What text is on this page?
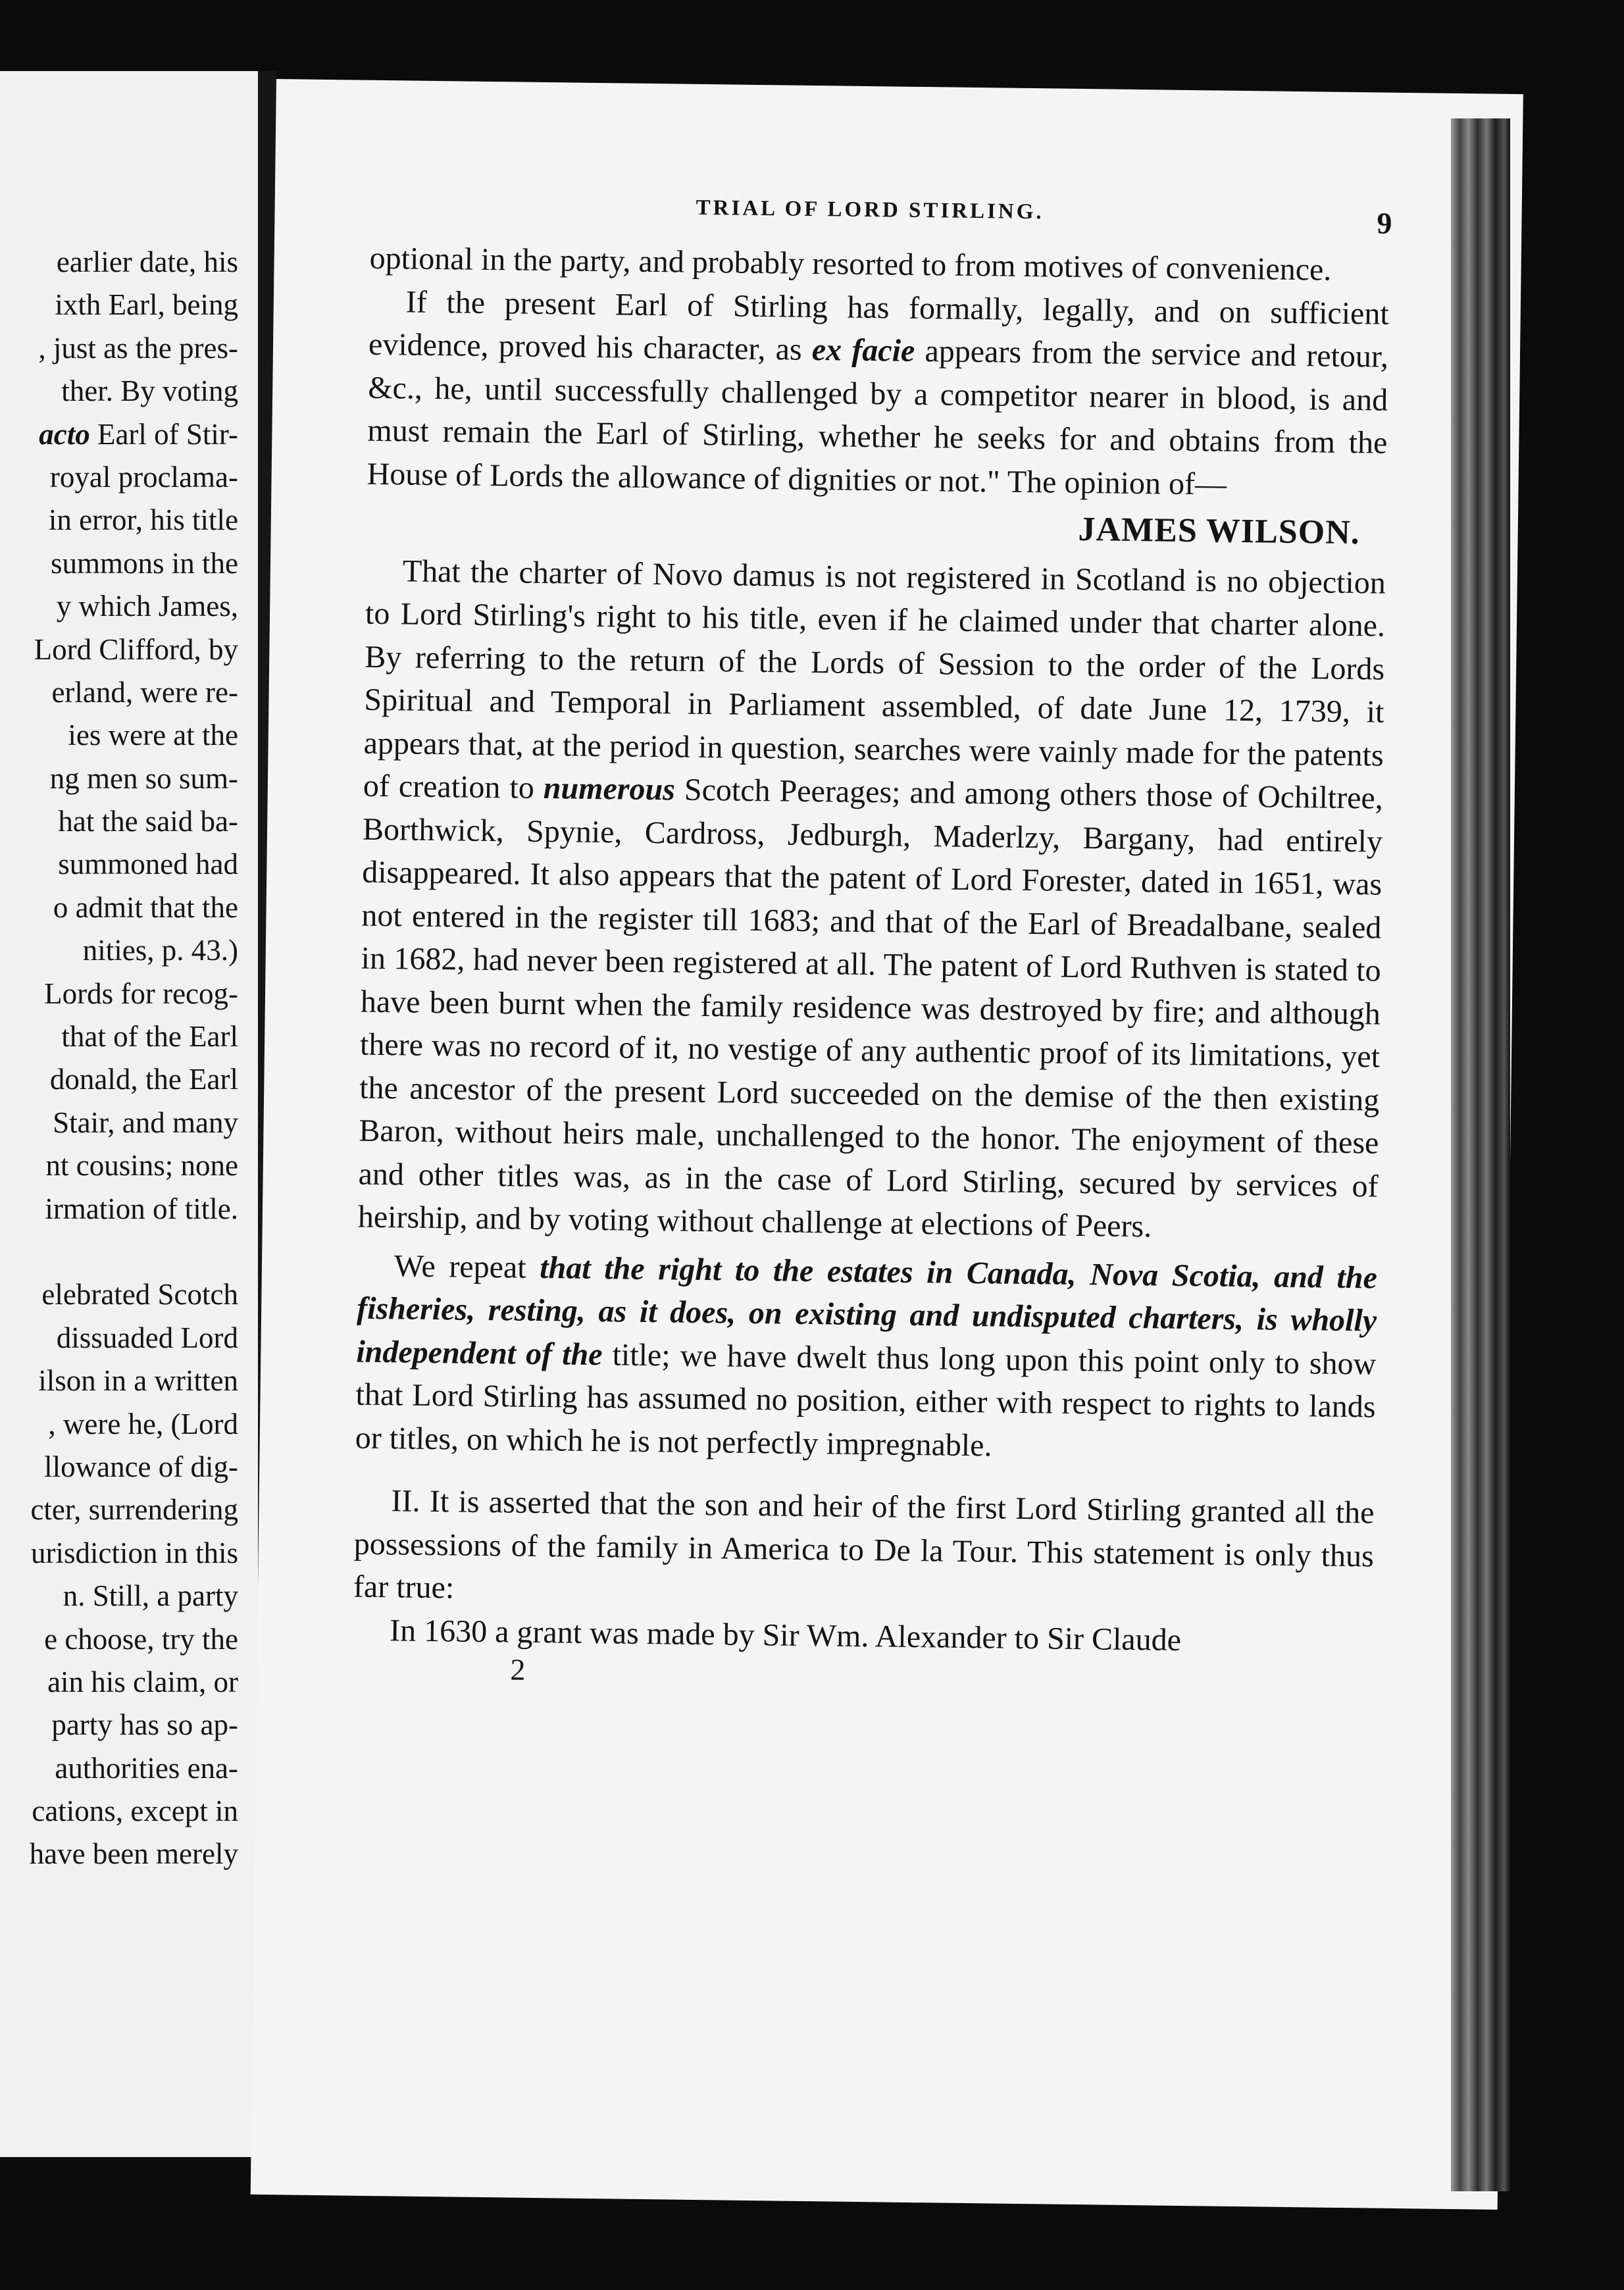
earlier date, his
ixth Earl, being
, just as the pres-
ther. By voting
acto Earl of Stir-
royal proclama-
in error, his title
summons in the
y which James,
Lord Clifford, by
erland, were re-
ies were at the
ng men so sum-
hat the said ba-
summoned had
o admit that the
nities, p. 43.)
Lords for recog-
that of the Earl
donald, the Earl
Stair, and many
nt cousins; none
irmation of title.
elebrated Scotch
dissuaded Lord
ilson in a written
, were he, (Lord
llowance of dig-
cter, surrendering
urisdiction in this
n. Still, a party
e choose, try the
ain his claim, or
party has so ap-
authorities ena-
cations, except in
have been merely
TRIAL OF LORD STIRLING.	9

optional in the party, and probably resorted to from motives of convenience.

If the present Earl of Stirling has formally, legally, and on sufficient evidence, proved his character, as ex facie appears from the service and retour, &c., he, until successfully challenged by a competitor nearer in blood, is and must remain the Earl of Stirling, whether he seeks for and obtains from the House of Lords the allowance of dignities or not." The opinion of—

JAMES WILSON.

That the charter of Novo damus is not registered in Scotland is no objection to Lord Stirling's right to his title, even if he claimed under that charter alone. By referring to the return of the Lords of Session to the order of the Lords Spiritual and Temporal in Parliament assembled, of date June 12, 1739, it appears that, at the period in question, searches were vainly made for the patents of creation to numerous Scotch Peerages; and among others those of Ochiltree, Borthwick, Spynie, Cardross, Jedburgh, Maderlzy, Bargany, had entirely disappeared. It also appears that the patent of Lord Forester, dated in 1651, was not entered in the register till 1683; and that of the Earl of Breadalbane, sealed in 1682, had never been registered at all. The patent of Lord Ruthven is stated to have been burnt when the family residence was destroyed by fire; and although there was no record of it, no vestige of any authentic proof of its limitations, yet the ancestor of the present Lord succeeded on the demise of the then existing Baron, without heirs male, unchallenged to the honor. The enjoyment of these and other titles was, as in the case of Lord Stirling, secured by services of heirship, and by voting without challenge at elections of Peers.

We repeat that the right to the estates in Canada, Nova Scotia, and the fisheries, resting, as it does, on existing and undisputed charters, is wholly independent of the title; we have dwelt thus long upon this point only to show that Lord Stirling has assumed no position, either with respect to rights to lands or titles, on which he is not perfectly impregnable.

II. It is asserted that the son and heir of the first Lord Stirling granted all the possessions of the family in America to De la Tour. This statement is only thus far true:

In 1630 a grant was made by Sir Wm. Alexander to Sir Claude

2
